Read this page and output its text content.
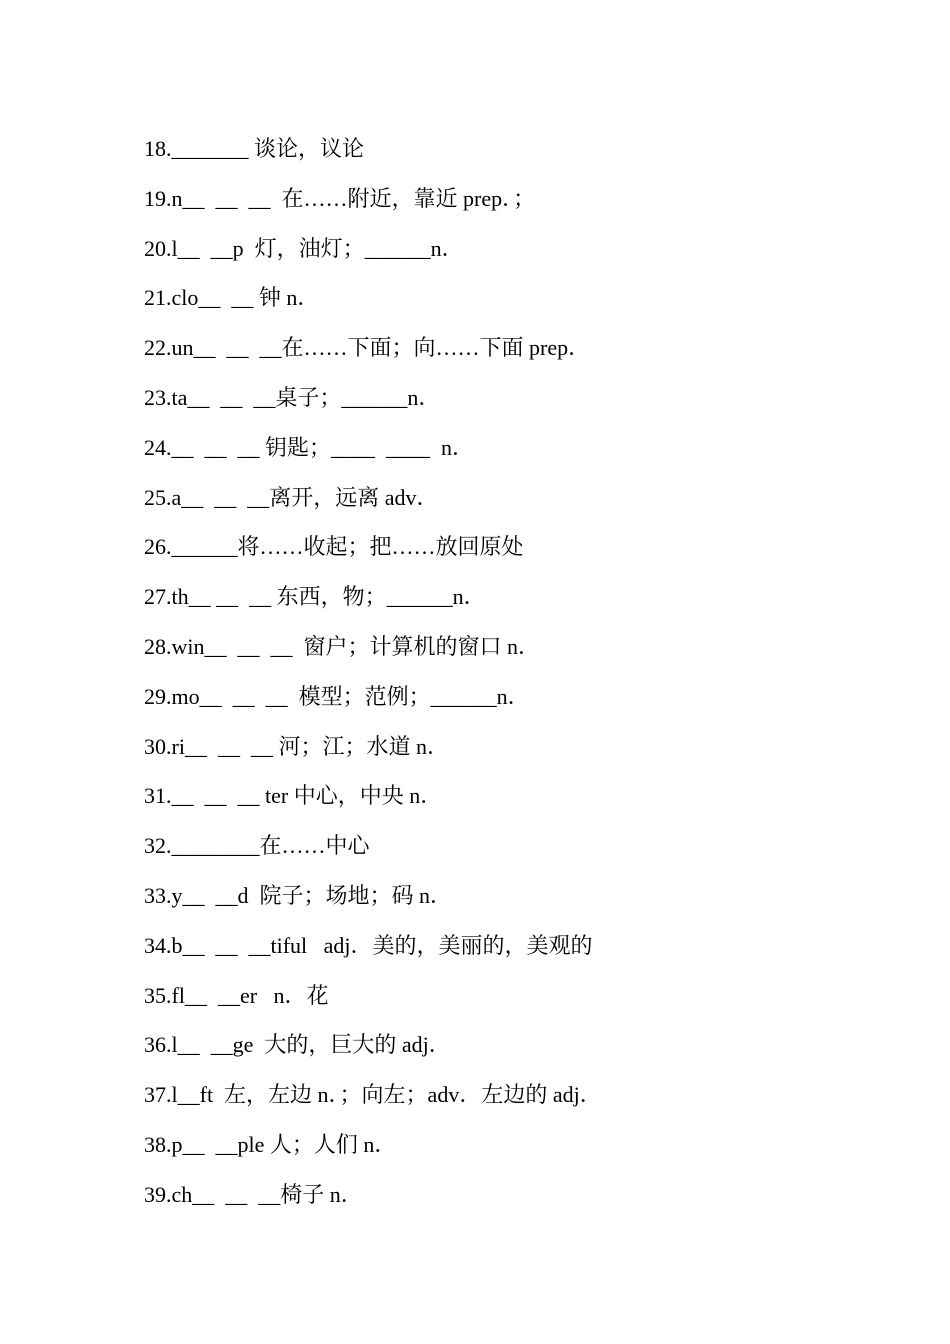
18._______ 谈论，议论
19.n__  __  __  在……附近，靠近 prep．；
20.l__  __p  灯，油灯；______n．
21.clo__  __ 钟 n．
22.un__  __  __在……下面；向……下面 prep．
23.ta__  __  __桌子；______n．
24.__  __  __ 钥匙；____  ____  n．
25.a__  __  __离开，远离 adv．
26.______将……收起；把……放回原处
27.th__ __  __ 东西，物；______n．
28.win__  __  __  窗户；计算机的窗口 n．
29.mo__  __  __  模型；范例；______n．
30.ri__  __  __ 河；江；水道 n．
31.__  __  __ ter 中心，中央 n．
32.________在……中心
33.y__  __d  院子；场地；码 n．
34.b__  __  __tiful   adj．美的，美丽的，美观的
35.fl__  __er   n．花
36.l__  __ge  大的，巨大的 adj．
37.l__ft  左，左边 n．；向左；adv．左边的 adj．
38.p__  __ple 人；人们 n．
39.ch__  __  __椅子 n．
